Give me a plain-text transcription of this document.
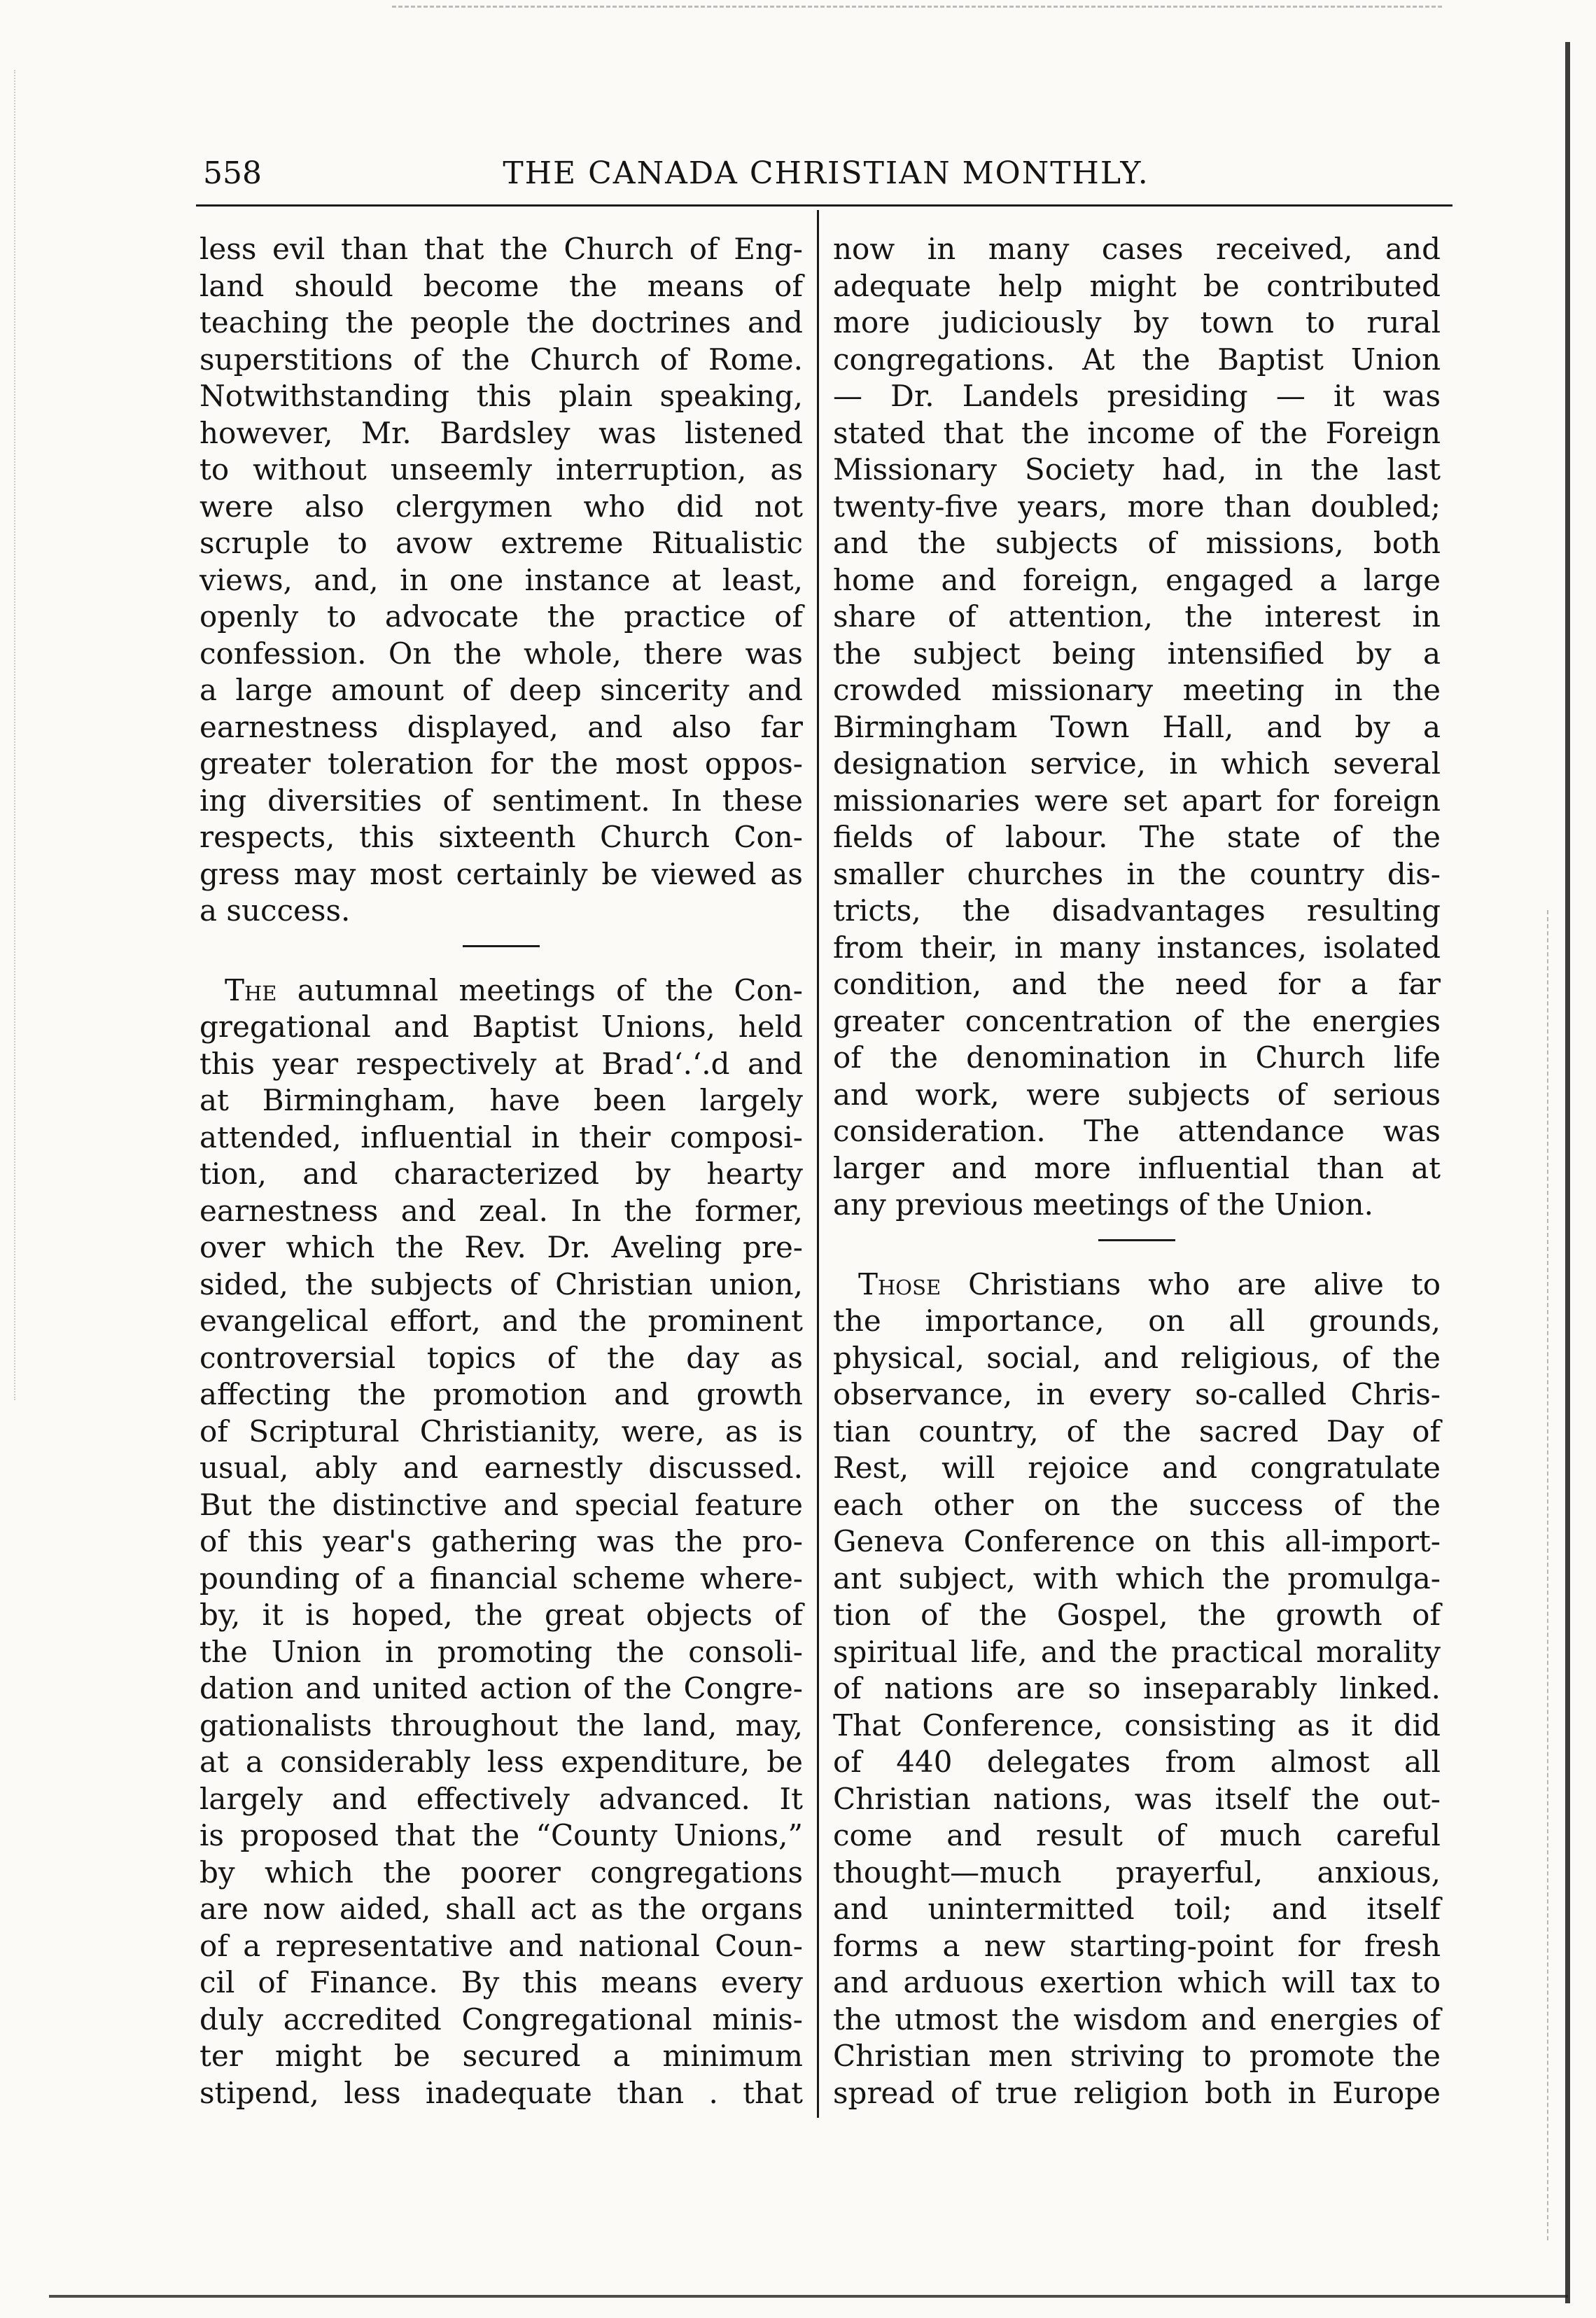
558	THE CANADA CHRISTIAN MONTHLY.
less evil than that the Church of Eng-
land should become the means of
teaching the people the doctrines and
superstitions of the Church of Rome.
Notwithstanding this plain speaking,
however, Mr. Bardsley was listened
to without unseemly interruption, as
were also clergymen who did not
scruple to avow extreme Ritualistic
views, and, in one instance at least,
openly to advocate the practice of
confession. On the whole, there was
a large amount of deep sincerity and
earnestness displayed, and also far
greater toleration for the most oppos-
ing diversities of sentiment. In these
respects, this sixteenth Church Con-
gress may most certainly be viewed as
a success.
The autumnal meetings of the Con-
gregational and Baptist Unions, held
this year respectively at Brad‘.‘.d and
at Birmingham, have been largely
attended, influential in their composi-
tion, and characterized by hearty
earnestness and zeal. In the former,
over which the Rev. Dr. Aveling pre-
sided, the subjects of Christian union,
evangelical effort, and the prominent
controversial topics of the day as
affecting the promotion and growth
of Scriptural Christianity, were, as is
usual, ably and earnestly discussed.
But the distinctive and special feature
of this year's gathering was the pro-
pounding of a financial scheme where-
by, it is hoped, the great objects of
the Union in promoting the consoli-
dation and united action of the Congre-
gationalists throughout the land, may,
at a considerably less expenditure, be
largely and effectively advanced. It
is proposed that the “County Unions,”
by which the poorer congregations
are now aided, shall act as the organs
of a representative and national Coun-
cil of Finance. By this means every
duly accredited Congregational minis-
ter might be secured a minimum
stipend, less inadequate than . that
now in many cases received, and
adequate help might be contributed
more judiciously by town to rural
congregations. At the Baptist Union
— Dr. Landels presiding — it was
stated that the income of the Foreign
Missionary Society had, in the last
twenty-five years, more than doubled;
and the subjects of missions, both
home and foreign, engaged a large
share of attention, the interest in
the subject being intensified by a
crowded missionary meeting in the
Birmingham Town Hall, and by a
designation service, in which several
missionaries were set apart for foreign
fields of labour. The state of the
smaller churches in the country dis-
tricts, the disadvantages resulting
from their, in many instances, isolated
condition, and the need for a far
greater concentration of the energies
of the denomination in Church life
and work, were subjects of serious
consideration. The attendance was
larger and more influential than at
any previous meetings of the Union.
Those Christians who are alive to
the importance, on all grounds,
physical, social, and religious, of the
observance, in every so-called Chris-
tian country, of the sacred Day of
Rest, will rejoice and congratulate
each other on the success of the
Geneva Conference on this all-import-
ant subject, with which the promulga-
tion of the Gospel, the growth of
spiritual life, and the practical morality
of nations are so inseparably linked.
That Conference, consisting as it did
of 440 delegates from almost all
Christian nations, was itself the out-
come and result of much careful
thought—much prayerful, anxious,
and unintermitted toil; and itself
forms a new starting-point for fresh
and arduous exertion which will tax to
the utmost the wisdom and energies of
Christian men striving to promote the
spread of true religion both in Europe
